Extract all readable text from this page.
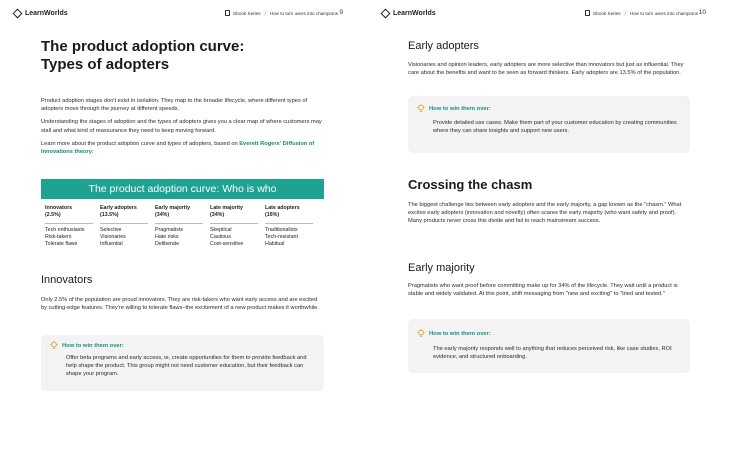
LearnWorlds	Ebook Series / How to turn users into champions 9
The product adoption curve:
Types of adopters

Product adoption stages don't exist in isolation. They map to the broader lifecycle, where different types of adopters move through the journey at different speeds.

Understanding the stages of adoption and the types of adopters gives you a clear map of where customers may stall and what kind of reassurance they need to keep moving forward.

Learn more about the product adoption curve and types of adopters, based on Everett Rogers' Diffusion of Innovations theory:

The product adoption curve: Who is who
Innovators
(2.5%)
Tech enthusiasts
Risk-takers
Tolerate flaws
Early adopters
(13.5%)
Selective
Visionaries
Influential
Early majority
(34%)
Pragmatists
Hate risks
Deliberate
Late majority
(34%)
Skeptical
Cautious
Cost-sensitive
Late adopters
(16%)
Traditionalists
Tech-resistant
Habitual
Innovators

Only 2.5% of the population are proud innovators. They are risk-takers who want early access and are excited by cutting-edge features. They're willing to tolerate flaws–the excitement of a new product makes it worthwhile.

How to win them over:

Offer beta programs and early access, ie, create opportunities for them to provide feedback and help shape the product. This group might not need customer education, but their feedback can shape your program.

LearnWorlds	Ebook Series / How to turn users into champions 10
Early adopters

Visionaries and opinion leaders, early adopters are more selective than innovators but just as influential. They care about the benefits and want to be seen as forward thinkers. Early adopters are 13.5% of the population.

How to win them over:

Provide detailed use cases. Make them part of your customer education by creating communities where they can share insights and support new users.

Crossing the chasm

The biggest challenge lies between early adopters and the early majority, a gap known as the "chasm." What excites early adopters (innovation and novelty) often scares the early majority (who want safety and proof). Many products never cross this divide and fail to reach mainstream success.

Early majority

Pragmatists who want proof before committing make up for 34% of the lifecycle. They wait until a product is stable and widely validated. At this point, shift messaging from "new and exciting" to "tried and tested."

How to win them over:

The early majority responds well to anything that reduces perceived risk, like case studies, ROI evidence, and structured onboarding.
